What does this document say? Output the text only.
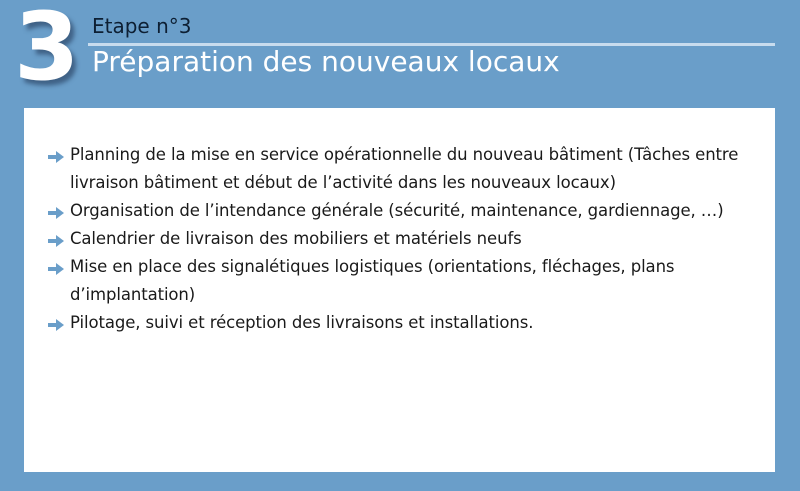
3 Etape n°3
Préparation des nouveaux locaux
Planning de la mise en service opérationnelle du nouveau bâtiment (Tâches entre livraison bâtiment et début de l’activité dans les nouveaux locaux)
Organisation de l’intendance générale (sécurité, maintenance, gardiennage, …)
Calendrier de livraison des mobiliers et matériels neufs
Mise en place des signalétiques logistiques (orientations, fléchages, plans d’implantation)
Pilotage, suivi et réception des livraisons et installations.
